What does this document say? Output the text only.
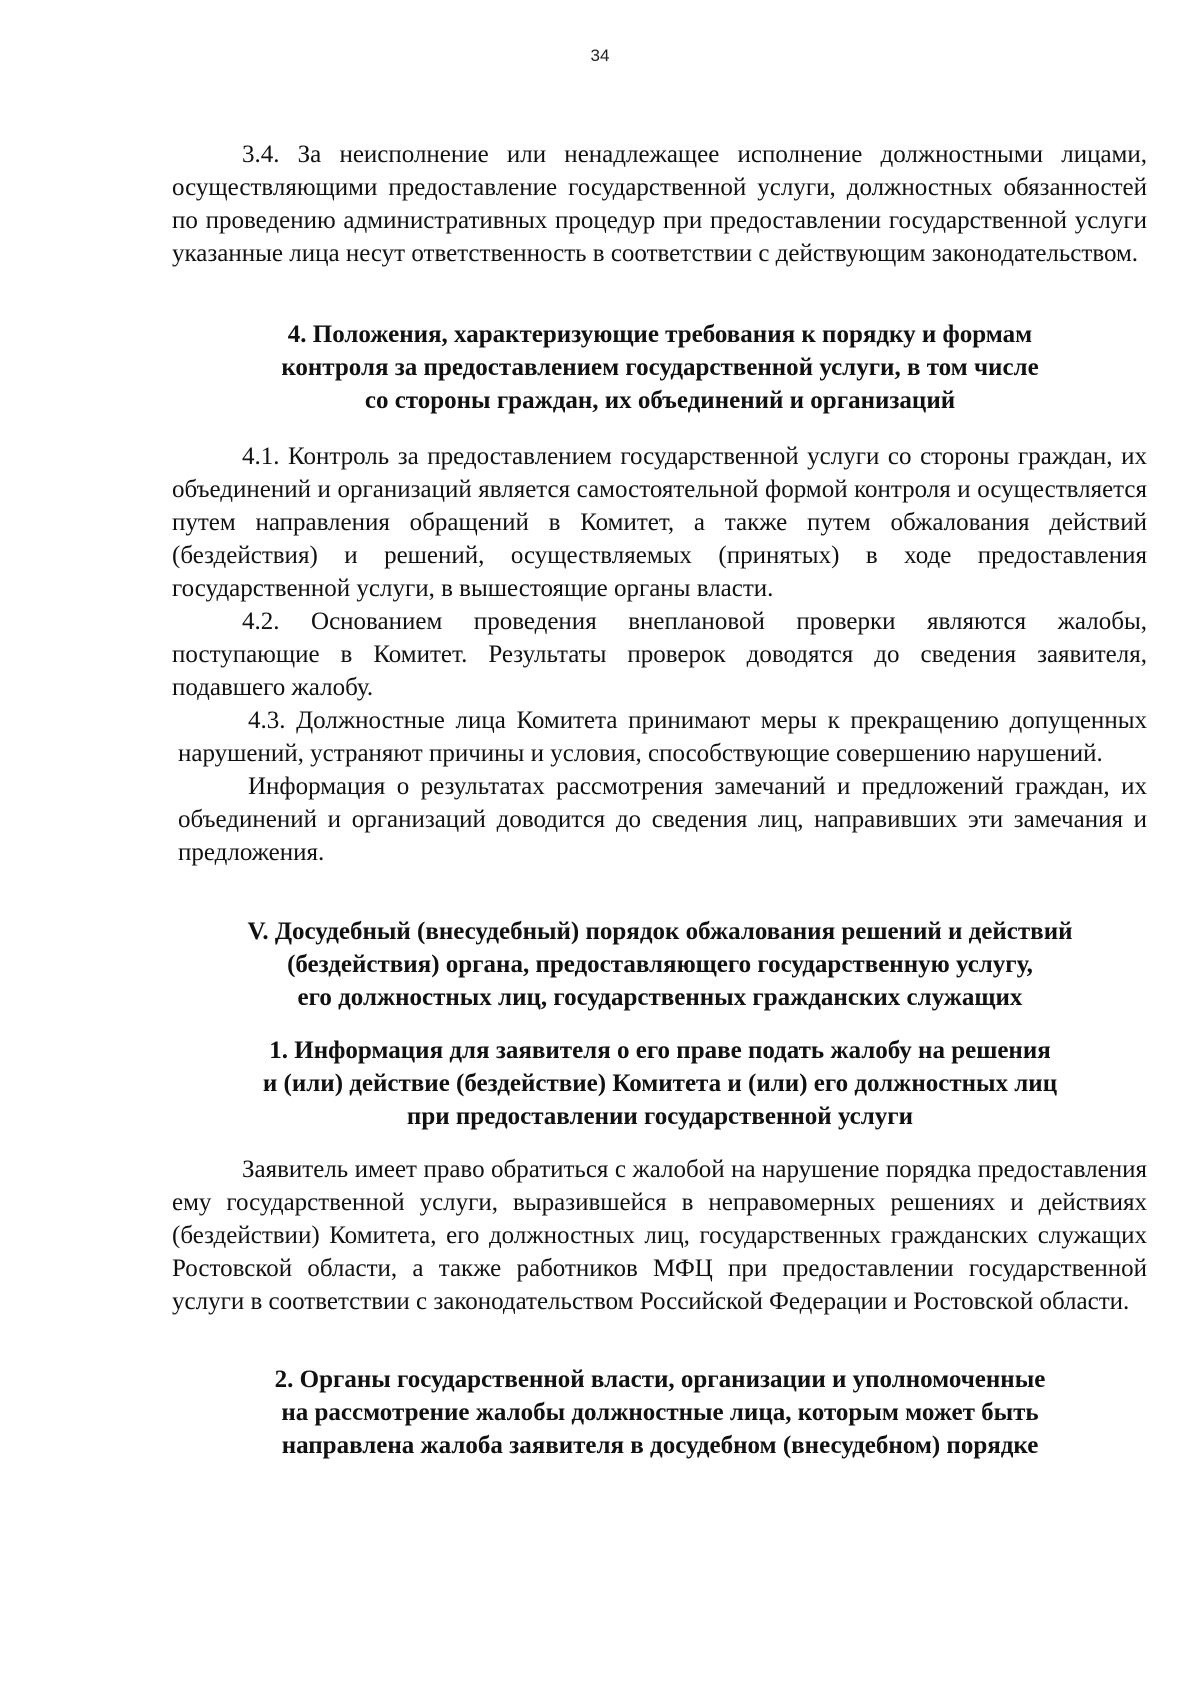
34

3.4. За неисполнение или ненадлежащее исполнение должностными лицами, осуществляющими предоставление государственной услуги, должностных обязанностей по проведению административных процедур при предоставлении государственной услуги указанные лица несут ответственность в соответствии с действующим законодательством.

4. Положения, характеризующие требования к порядку и формам
контроля за предоставлением государственной услуги, в том числе
со стороны граждан, их объединений и организаций

4.1. Контроль за предоставлением государственной услуги со стороны граждан, их объединений и организаций является самостоятельной формой контроля и осуществляется путем направления обращений в Комитет, а также путем обжалования действий (бездействия) и решений, осуществляемых (принятых) в ходе предоставления государственной услуги, в вышестоящие органы власти.

4.2. Основанием проведения внеплановой проверки являются жалобы, поступающие в Комитет. Результаты проверок доводятся до сведения заявителя, подавшего жалобу.

4.3. Должностные лица Комитета принимают меры к прекращению допущенных нарушений, устраняют причины и условия, способствующие совершению нарушений.

Информация о результатах рассмотрения замечаний и предложений граждан, их объединений и организаций доводится до сведения лиц, направивших эти замечания и предложения.

V. Досудебный (внесудебный) порядок обжалования решений и действий
(бездействия) органа, предоставляющего государственную услугу,
его должностных лиц, государственных гражданских служащих
1. Информация для заявителя о его праве подать жалобу на решения
и (или) действие (бездействие) Комитета и (или) его должностных лиц
при предоставлении государственной услуги

Заявитель имеет право обратиться с жалобой на нарушение порядка предоставления ему государственной услуги, выразившейся в неправомерных решениях и действиях (бездействии) Комитета, его должностных лиц, государственных гражданских служащих Ростовской области, а также работников МФЦ при предоставлении государственной услуги в соответствии с законодательством Российской Федерации и Ростовской области.

2. Органы государственной власти, организации и уполномоченные
на рассмотрение жалобы должностные лица, которым может быть
направлена жалоба заявителя в досудебном (внесудебном) порядке
